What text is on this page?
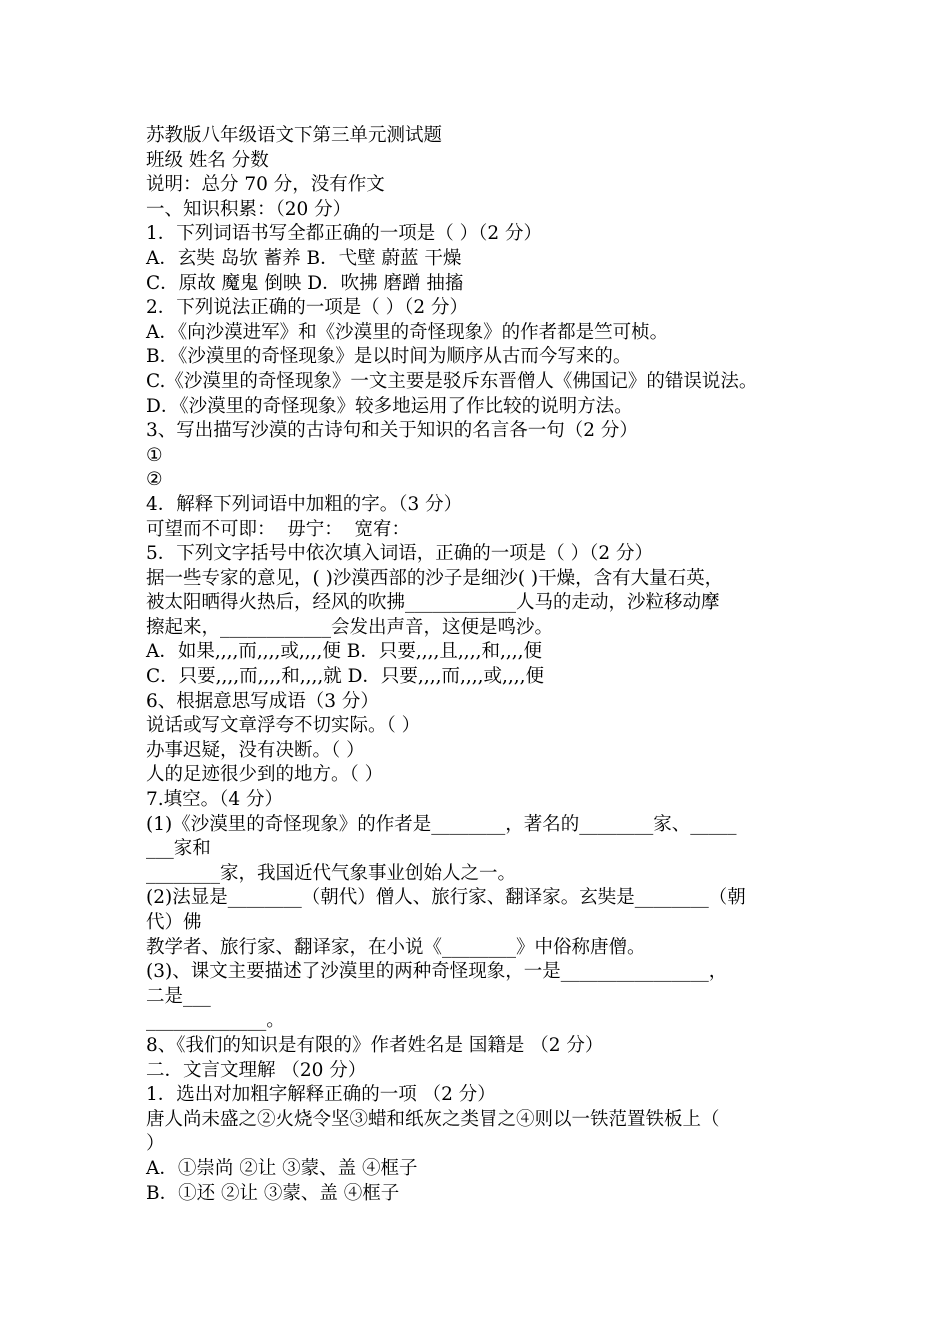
苏教版八年级语文下第三单元测试题
班级 姓名 分数
说明：总分 70 分，没有作文
一、知识积累：（20 分）
1．下列词语书写全都正确的一项是（ ）（2 分）
A．玄奘 岛欤 蓄养 B．弋壁 蔚蓝 干燥
C．原故 魔鬼 倒映 D．吹拂 磨蹭 抽搐
2．下列说法正确的一项是（ ）（2 分）
A．《向沙漠进军》和《沙漠里的奇怪现象》的作者都是竺可桢。
B．《沙漠里的奇怪现象》是以时间为顺序从古而今写来的。
C.《沙漠里的奇怪现象》一文主要是驳斥东晋僧人《佛国记》的错误说法。
D．《沙漠里的奇怪现象》较多地运用了作比较的说明方法。
3、写出描写沙漠的古诗句和关于知识的名言各一句（2 分）
①
②
4．解释下列词语中加粗的字。（3 分）
可望而不可即：  毋宁：  宽宥：
5．下列文字括号中依次填入词语，正确的一项是（ ）（2 分）
据一些专家的意见，( )沙漠西部的沙子是细沙( )干燥，含有大量石英，
被太阳晒得火热后，经风的吹拂____________人马的走动，沙粒移动摩
擦起来，____________会发出声音，这便是鸣沙。
A．如果,,,,而,,,,或,,,,便 B．只要,,,,且,,,,和,,,,便
C．只要,,,,而,,,,和,,,,就 D．只要,,,,而,,,,或,,,,便
6、根据意思写成语（3 分）
说话或写文章浮夸不切实际。（ ）
办事迟疑，没有决断。（ ）
人的足迹很少到的地方。（ ）
7.填空。（4 分）
(1)《沙漠里的奇怪现象》的作者是________，著名的________家、_____
___家和
________家，我国近代气象事业创始人之一。
(2)法显是________（朝代）僧人、旅行家、翻译家。玄奘是________（朝
代）佛
教学者、旅行家、翻译家，在小说《________》中俗称唐僧。
(3)、课文主要描述了沙漠里的两种奇怪现象，一是________________，
二是___
_____________。
8、《我们的知识是有限的》作者姓名是 国籍是 （2 分）
二．文言文理解 （20 分）
1．选出对加粗字解释正确的一项 （2 分）
唐人尚未盛之②火烧令坚③蜡和纸灰之类冒之④则以一铁范置铁板上（
）
A．①崇尚 ②让 ③蒙、盖 ④框子
B．①还 ②让 ③蒙、盖 ④框子
